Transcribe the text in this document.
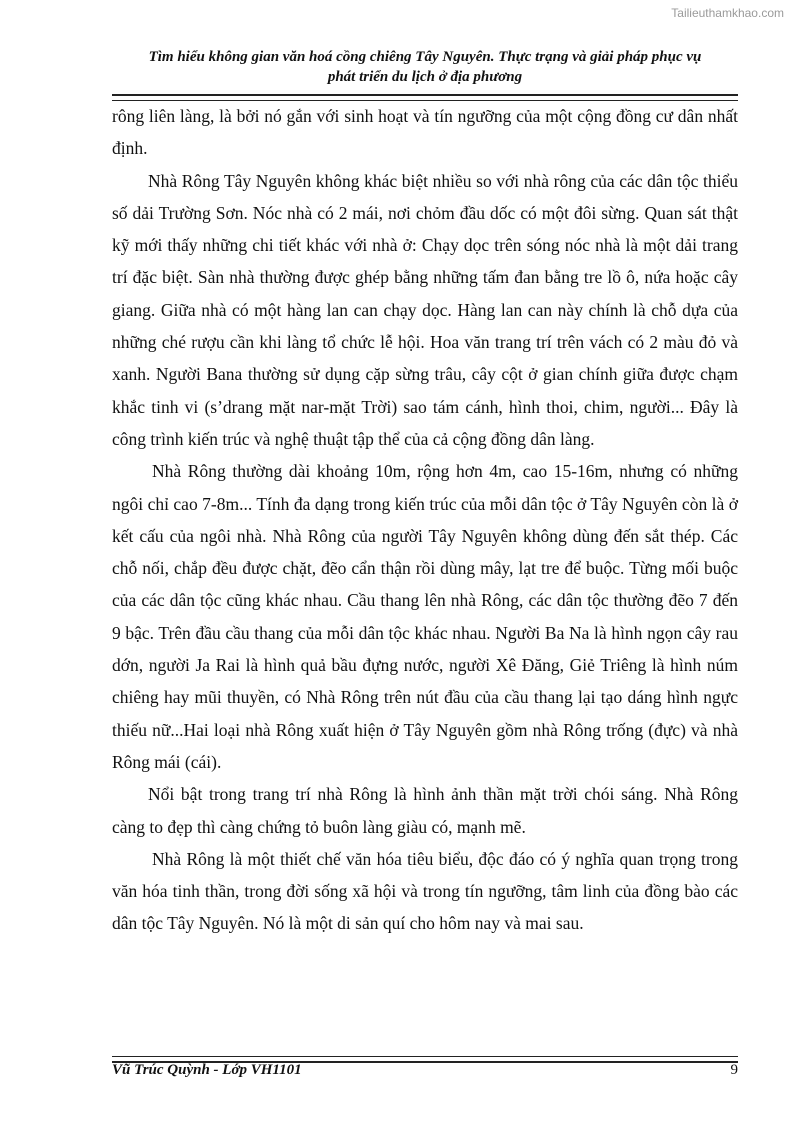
Tailieuthamkhao.com
Tìm hiểu không gian văn hoá cồng chiêng Tây Nguyên. Thực trạng và giải pháp phục vụ
phát triển du lịch ở địa phương

rông liên làng, là bởi nó gắn với sinh hoạt và tín ngưỡng của một cộng đồng cư dân nhất định.

Nhà Rông Tây Nguyên không khác biệt nhiều so với nhà rông của các dân tộc thiểu số dải Trường Sơn. Nóc nhà có 2 mái, nơi chỏm đầu dốc có một đôi sừng. Quan sát thật kỹ mới thấy những chi tiết khác với nhà ở: Chạy dọc trên sóng nóc nhà là một dải trang trí đặc biệt. Sàn nhà thường được ghép bằng những tấm đan bằng tre lồ ô, nứa hoặc cây giang. Giữa nhà có một hàng lan can chạy dọc. Hàng lan can này chính là chỗ dựa của những ché rượu cần khi làng tổ chức lễ hội. Hoa văn trang trí trên vách có 2 màu đỏ và xanh. Người Bana thường sử dụng cặp sừng trâu, cây cột ở gian chính giữa được chạm khắc tinh vi (s’drang mặt nar-mặt Trời) sao tám cánh, hình thoi, chim, người... Đây là công trình kiến trúc và nghệ thuật tập thể của cả cộng đồng dân làng.

Nhà Rông thường dài khoảng 10m, rộng hơn 4m, cao 15-16m, nhưng có những ngôi chỉ cao 7-8m... Tính đa dạng trong kiến trúc của mỗi dân tộc ở Tây Nguyên còn là ở kết cấu của ngôi nhà. Nhà Rông của người Tây Nguyên không dùng đến sắt thép. Các chỗ nối, chắp đều được chặt, đẽo cẩn thận rồi dùng mây, lạt tre để buộc. Từng mối buộc của các dân tộc cũng khác nhau. Cầu thang lên nhà Rông, các dân tộc thường đẽo 7 đến 9 bậc. Trên đầu cầu thang của mỗi dân tộc khác nhau. Người Ba Na là hình ngọn cây rau dớn, người Ja Rai là hình quả bầu đựng nước, người Xê Đăng, Giẻ Triêng là hình núm chiêng hay mũi thuyền, có Nhà Rông trên nút đầu của cầu thang lại tạo dáng hình ngực thiếu nữ...Hai loại nhà Rông xuất hiện ở Tây Nguyên gồm nhà Rông trống (đực) và nhà Rông mái (cái).

Nổi bật trong trang trí nhà Rông là hình ảnh thần mặt trời chói sáng. Nhà Rông càng to đẹp thì càng chứng tỏ buôn làng giàu có, mạnh mẽ.

Nhà Rông là một thiết chế văn hóa tiêu biểu, độc đáo có ý nghĩa quan trọng trong văn hóa tinh thần, trong đời sống xã hội và trong tín ngưỡng, tâm linh của đồng bào các dân tộc Tây Nguyên. Nó là một di sản quí cho hôm nay và mai sau.

Vũ Trúc Quỳnh - Lớp VH1101	9
